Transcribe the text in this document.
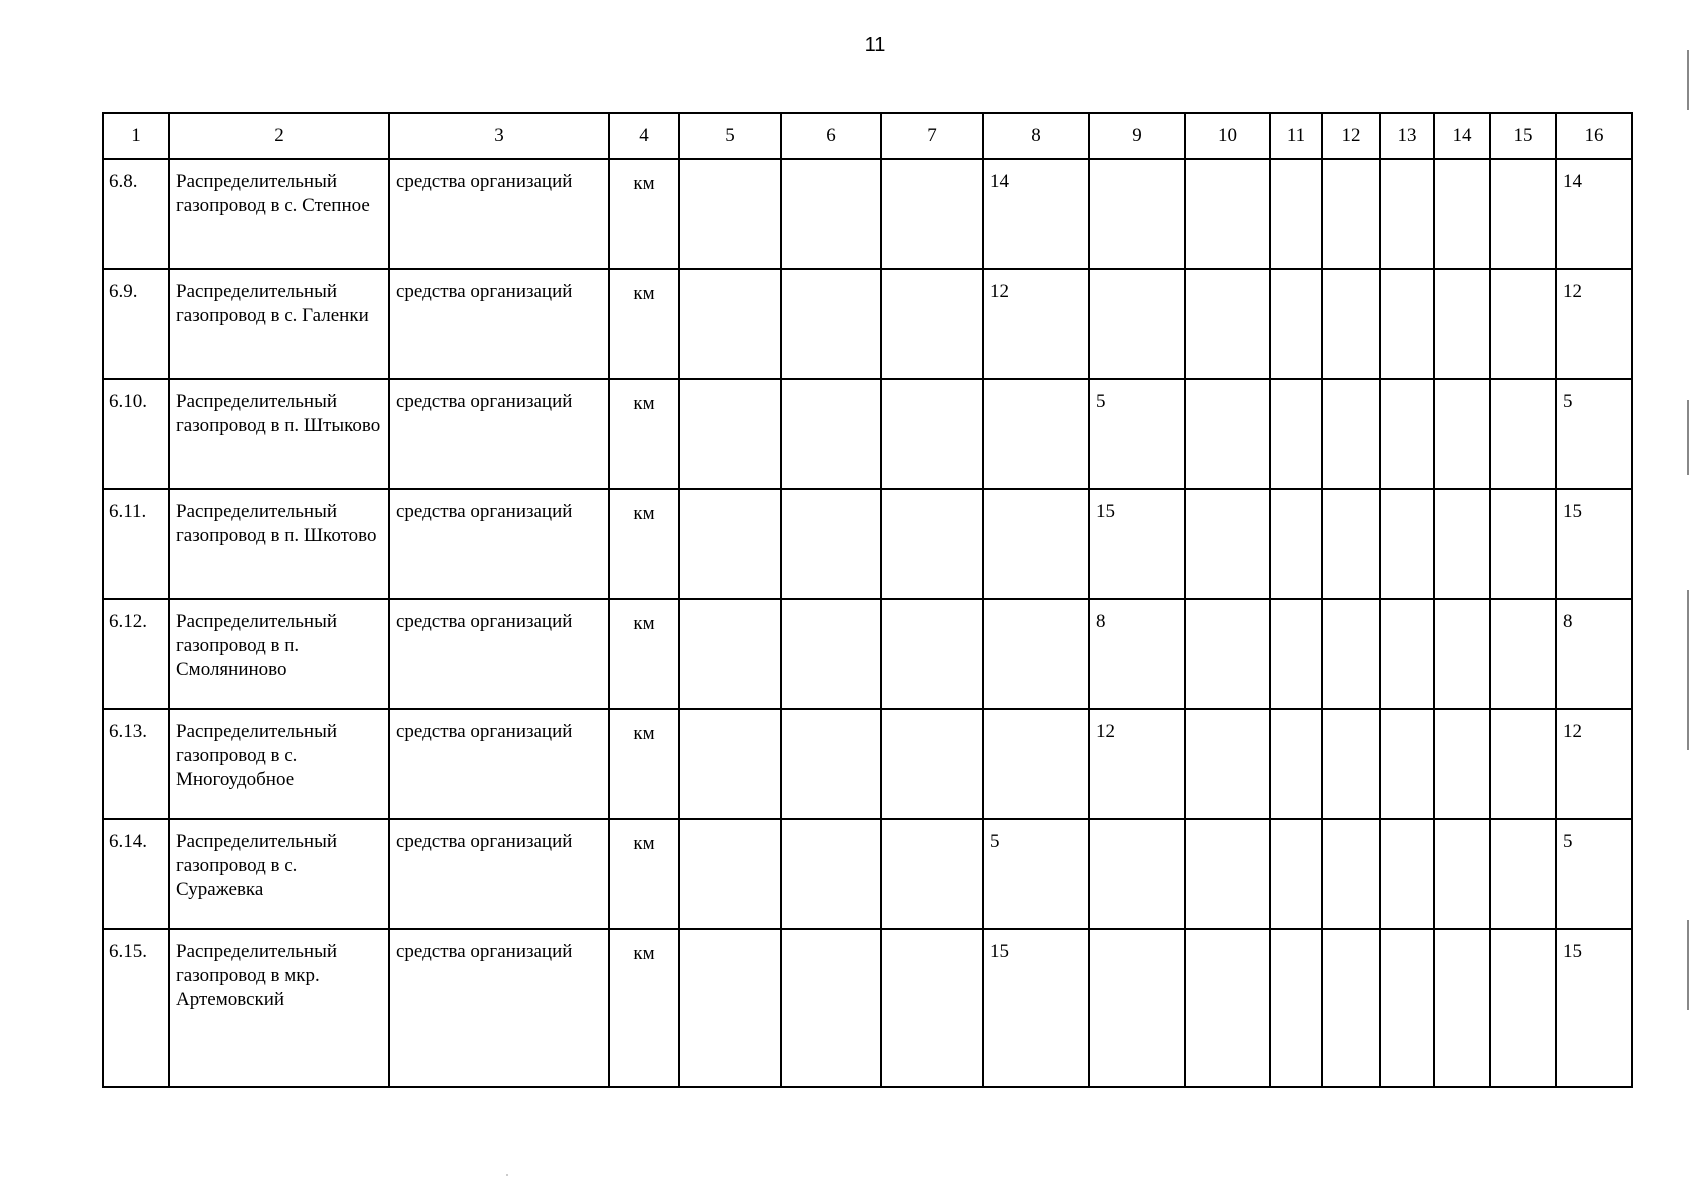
11
1	2	3	4	5	6	7	8	9	10	11	12	13	14	15	16
6.8.	Распределительный газопровод в с. Степное	средства организаций	км				14								14
6.9.	Распределительный газопровод в с. Галенки	средства организаций	км				12								12
6.10.	Распределительный газопровод в п. Штыково	средства организаций	км					5							5
6.11.	Распределительный газопровод в п. Шкотово	средства организаций	км					15							15
6.12.	Распределительный газопровод в п. Смоляниново	средства организаций	км					8							8
6.13.	Распределительный газопровод в с. Многоудобное	средства организаций	км					12							12
6.14.	Распределительный газопровод в с. Суражевка	средства организаций	км				5								5
6.15.	Распределительный газопровод в мкр. Артемовский	средства организаций	км				15								15
